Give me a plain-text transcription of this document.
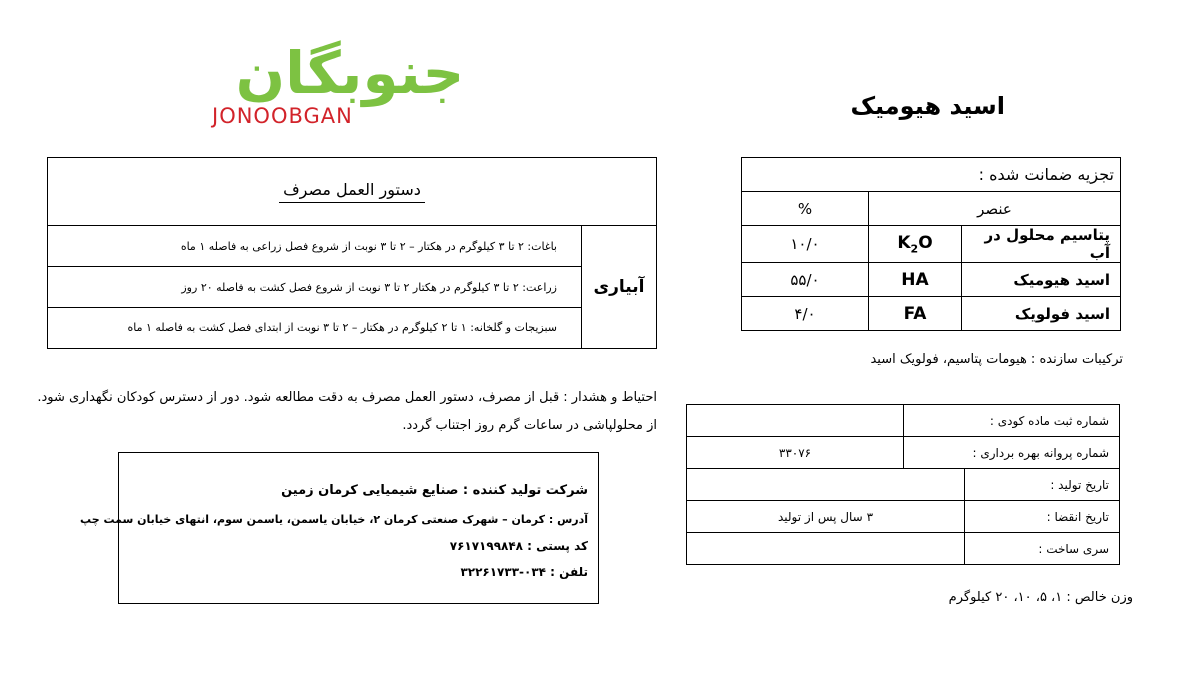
جنوبگان
JONOOBGAN	اسید هیومیک
دستور العمل مصرف
آبیاری
باغات: ۲ تا ۳ کیلوگرم در هکتار – ۲ تا ۳ نوبت از شروع فصل زراعی به فاصله ۱ ماه
زراعت: ۲ تا ۳ کیلوگرم در هکتار ۲ تا ۳ نوبت از شروع فصل کشت به فاصله ۲۰ روز
سبزیجات و گلخانه: ۱ تا ۲ کیلوگرم در هکتار – ۲ تا ۳ نوبت از ابتدای فصل کشت به فاصله ۱ ماه
تجزیه ضمانت شده :		
%	عنصر	
۱۰/۰	$K_2O$	پتاسیم محلول در آب
۵۵/۰	HA	اسید هیومیک
۴/۰	FA	اسید فولویک
ترکیبات سازنده : هیومات پتاسیم، فولویک اسید
احتیاط و هشدار : قبل از مصرف، دستور العمل مصرف به دقت مطالعه شود. دور از دسترس کودکان نگهداری شود.
از محلولپاشی در ساعات گرم روز اجتناب گردد.
شرکت تولید کننده : صنایع شیمیایی کرمان زمین
آدرس : کرمان – شهرک صنعتی کرمان ۲، خیابان یاسمن، یاسمن سوم، انتهای خیابان سمت چپ
کد پستی : ۷۶۱۷۱۹۹۸۴۸
تلفن : ۰۳۴-۳۲۲۶۱۷۳۳
	شماره ثبت ماده کودی :	
۳۳۰۷۶	شماره پروانه بهره برداری :	
		تاریخ تولید :
۳ سال پس از تولید		تاریخ انقضا :
		سری ساخت :
وزن خالص : ۱، ۵، ۱۰، ۲۰ کیلوگرم
